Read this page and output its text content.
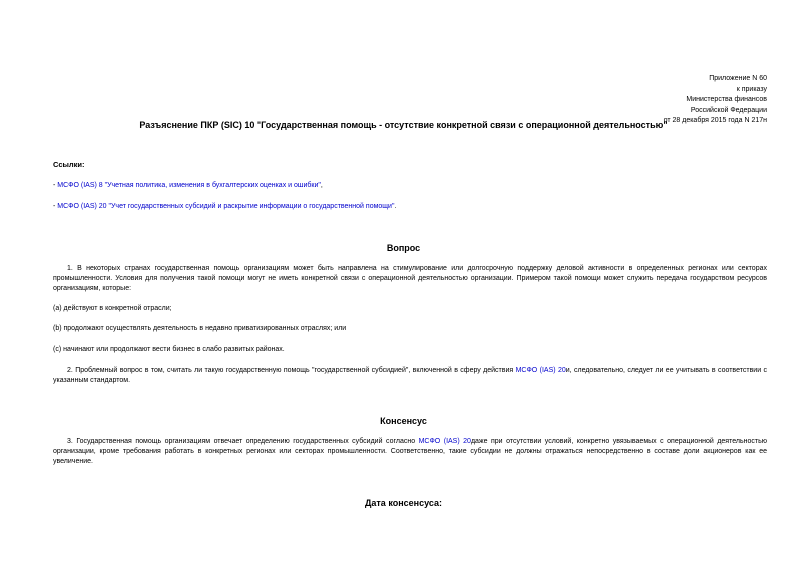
Приложение N 60
к приказу
Министерства финансов
Российской Федерации
от 28 декабря 2015 года N 217н
Разъяснение ПКР (SIC) 10 "Государственная помощь - отсутствие конкретной связи с операционной деятельностью"
Ссылки:
- МСФО (IAS) 8 "Учетная политика, изменения в бухгалтерских оценках и ошибки",
- МСФО (IAS) 20 "Учет государственных субсидий и раскрытие информации о государственной помощи".
Вопрос
1. В некоторых странах государственная помощь организациям может быть направлена на стимулирование или долгосрочную поддержку деловой активности в определенных регионах или секторах промышленности. Условия для получения такой помощи могут не иметь конкретной связи с операционной деятельностью организации. Примером такой помощи может служить передача государством ресурсов организациям, которые:
(a) действуют в конкретной отрасли;
(b) продолжают осуществлять деятельность в недавно приватизированных отраслях; или
(c) начинают или продолжают вести бизнес в слабо развитых районах.
2. Проблемный вопрос в том, считать ли такую государственную помощь "государственной субсидией", включенной в сферу действия МСФО (IAS) 20и, следовательно, следует ли ее учитывать в соответствии с указанным стандартом.
Консенсус
3. Государственная помощь организациям отвечает определению государственных субсидий согласно МСФО (IAS) 20даже при отсутствии условий, конкретно увязываемых с операционной деятельностью организации, кроме требования работать в конкретных регионах или секторах промышленности. Соответственно, такие субсидии не должны отражаться непосредственно в составе доли акционеров как ее увеличение.
Дата консенсуса:
